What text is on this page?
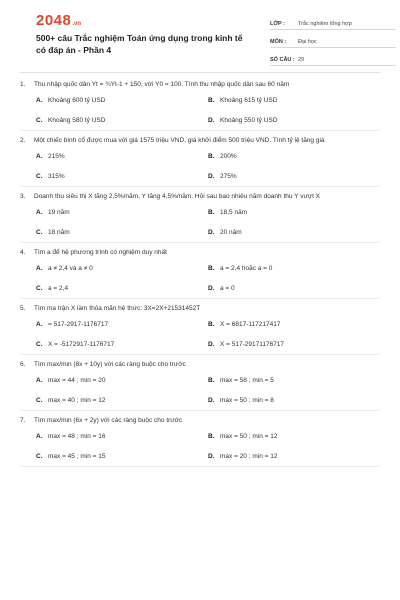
2048.vn
500+ câu Trắc nghiệm Toán ứng dụng trong kinh tế có đáp án - Phần 4
LỚP :	Trắc nghiệm tổng hợp
MÔN :	Đại học
SỐ CÂU : 29
1.	Thu nhập quốc dân Yt = ¾Yt-1 + 150, với Y0 = 100. Tính thu nhập quốc dân sau 60 năm
A. Khoảng 600 tỷ USD	B. Khoảng 615 tỷ USD
C. Khoảng 580 tỷ USD	D. Khoảng 550 tỷ USD
2.	Một chiếc bình cổ được mua với giá 1575 triệu VND, giá khởi điểm 500 triệu VND. Tính tỷ lệ tăng giá
A. 215%	B. 200%
C. 315%	D. 275%
3.	Doanh thu siêu thị X tăng 2,5%/năm, Y tăng 4,5%/năm. Hỏi sau bao nhiêu năm doanh thu Y vượt X
A. 19 năm	B. 18,5 năm
C. 18 năm	D. 20 năm
4.	Tìm a để hệ phương trình có nghiệm duy nhất
A. a ≠ 2,4 và a ≠ 0	B. a = 2,4 hoặc a = 0
C. a = 2,4	D. a = 0
5.	Tìm ma trận X làm thỏa mãn hệ thức: 3X=2X+21531452T
A. = 517-2917-1176717	B. X = 6817-117217417
C. X = -5172917-1176717	D. X = 517-29171176717
6.	Tìm max/min (8x + 10y) với các ràng buộc cho trước
A. max = 44 ; min = 20	B. max = 58 ; min = 5
C. max = 40 ; min = 12	D. max = 50 ; min = 8
7.	Tìm max/min (6x + 2y) với các ràng buộc cho trước
A. max = 48 ; min = 16	B. max = 50 ; min = 12
C. max = 45 ; min = 15	D. max = 20 ; min = 12
